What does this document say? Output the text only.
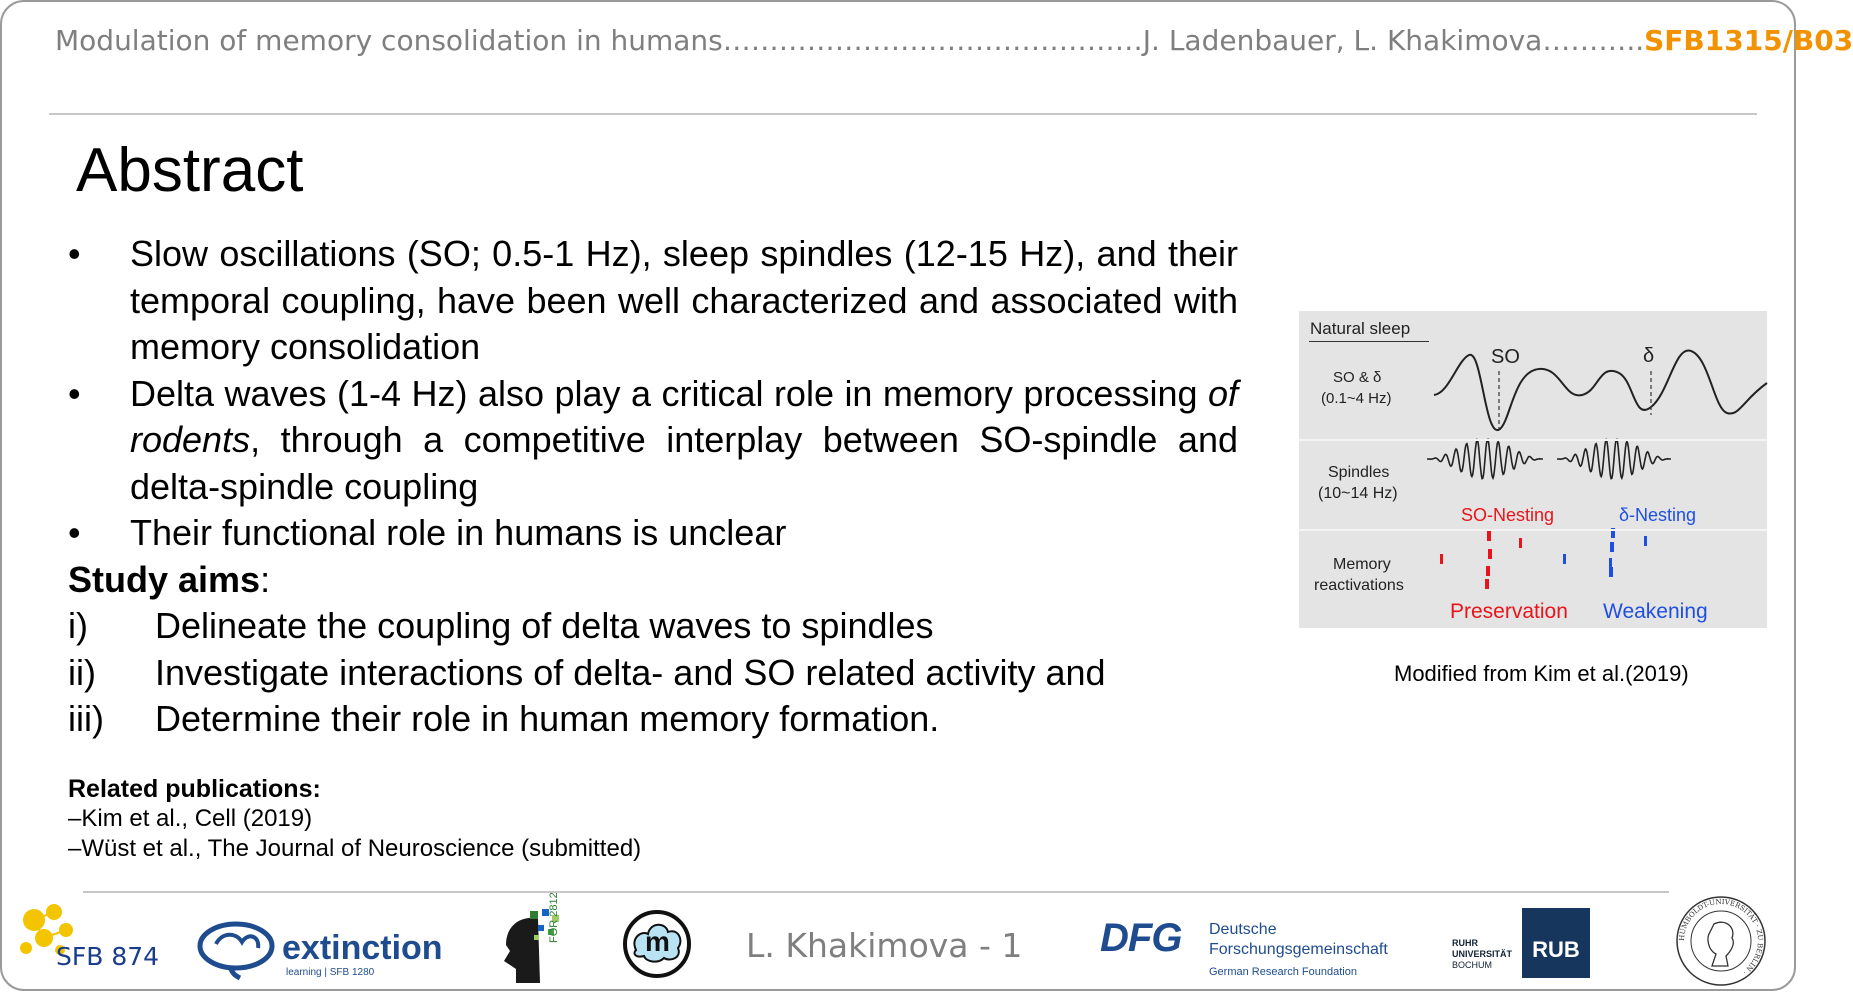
Modulation of memory consolidation in humans………………………………………J. Ladenbauer, L. Khakimova………..SFB1315/B03
Abstract
•	Slow oscillations (SO; 0.5-1 Hz), sleep spindles (12-15 Hz), and their temporal coupling, have been well characterized and associated with memory consolidation
•	Delta waves (1-4 Hz) also play a critical role in memory processing of rodents, through a competitive interplay between SO-spindle and delta-spindle coupling
•	Their functional role in humans is unclear
Study aims:
i)	Delineate the coupling of delta waves to spindles
ii)	Investigate interactions of delta- and SO related activity and
iii)	Determine their role in human memory formation.
Related publications:
–Kim et al., Cell (2019)
–Wüst et al., The Journal of Neuroscience (submitted)
Natural sleep
SO & δ
(0.1~4 Hz)
SO	δ
Spindles
(10~14 Hz)
SO-Nesting	δ-Nesting
Memory
reactivations
Preservation Weakening
Modified from Kim et al.(2019)
SFB 874	extinction
learning | SFB 1280
FOR 2812	m L. Khakimova - 1 DFG Deutsche
Forschungsgemeinschaft
German Research Foundation
RUHR
UNIVERSITÄT
BOCHUM
RUB	HUMBOLDT-UNIVERSITÄT · ZU BERLIN ·
